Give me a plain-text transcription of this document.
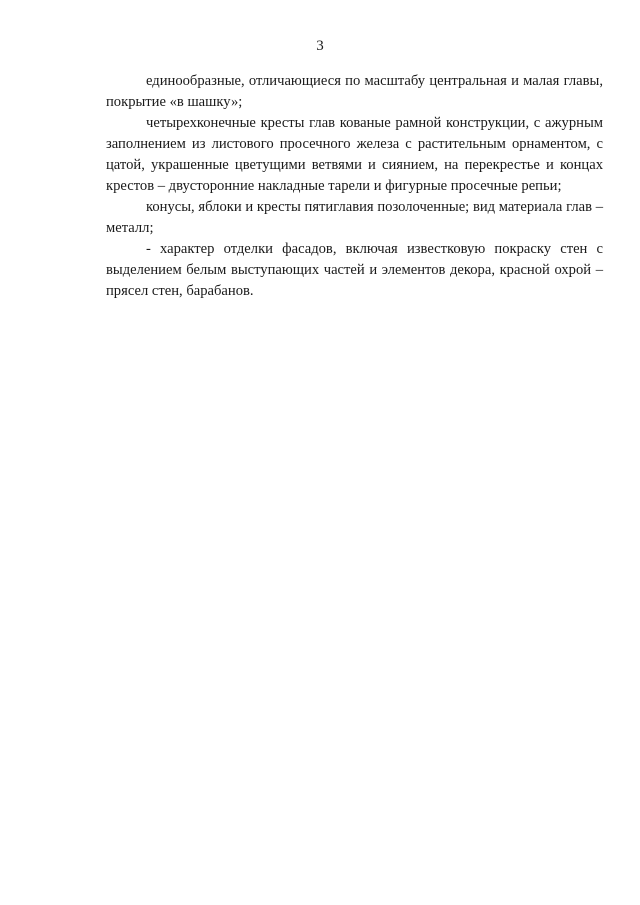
3

единообразные, отличающиеся по масштабу центральная и малая главы, покрытие «в шашку»;

четырехконечные кресты глав кованые рамной конструкции, с ажурным заполнением из листового просечного железа с растительным орнаментом, с цатой, украшенные цветущими ветвями и сиянием, на перекрестье и концах крестов – двусторонние накладные тарели и фигурные просечные репьи;

конусы, яблоки и кресты пятиглавия позолоченные; вид материала глав – металл;

- характер отделки фасадов, включая известковую покраску стен с выделением белым выступающих частей и элементов декора, красной охрой – прясел стен, барабанов.
